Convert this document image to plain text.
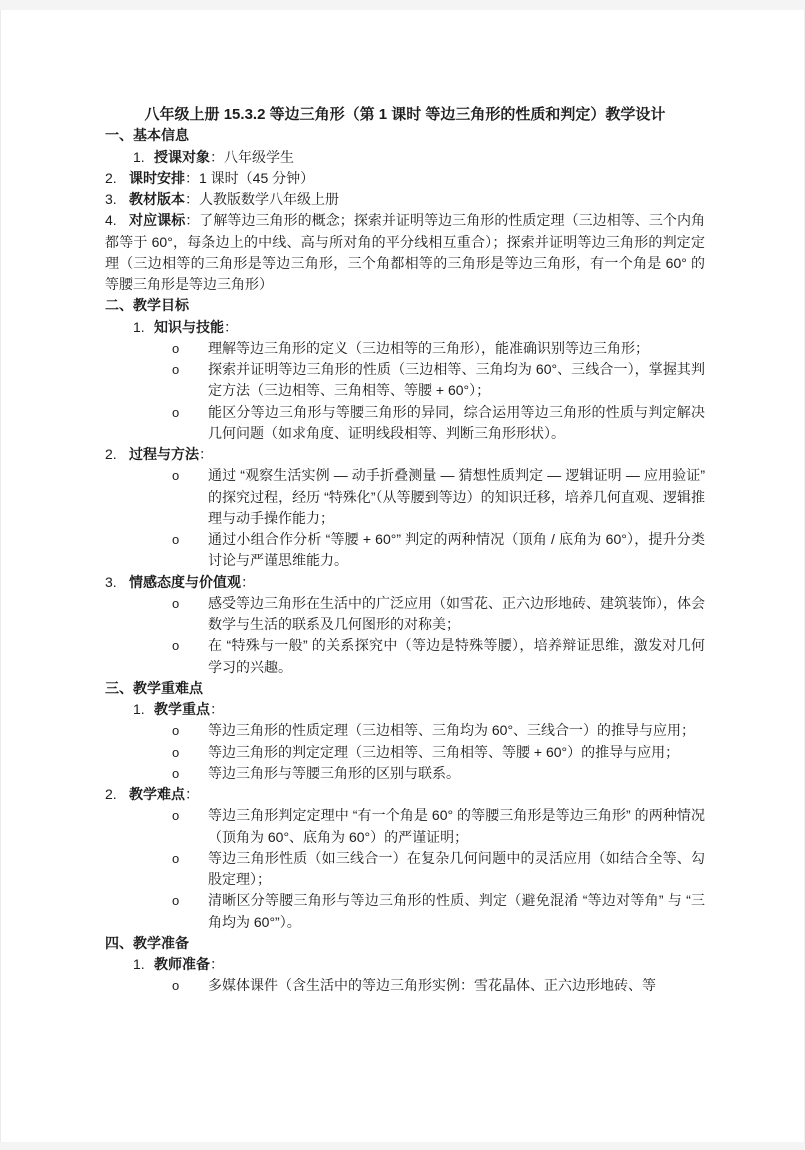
八年级上册 15.3.2 等边三角形（第 1 课时 等边三角形的性质和判定）教学设计
一、基本信息
1. 授课对象：八年级学生
2. 课时安排：1 课时（45 分钟）
3. 教材版本：人教版数学八年级上册
4. 对应课标：了解等边三角形的概念；探索并证明等边三角形的性质定理（三边相等、三个内角都等于 60°，每条边上的中线、高与所对角的平分线相互重合）；探索并证明等边三角形的判定定理（三边相等的三角形是等边三角形，三个角都相等的三角形是等边三角形，有一个角是 60° 的等腰三角形是等边三角形）
二、教学目标
1. 知识与技能：
o 理解等边三角形的定义（三边相等的三角形），能准确识别等边三角形；
o 探索并证明等边三角形的性质（三边相等、三角均为 60°、三线合一），掌握其判定方法（三边相等、三角相等、等腰 + 60°）；
o 能区分等边三角形与等腰三角形的异同，综合运用等边三角形的性质与判定解决几何问题（如求角度、证明线段相等、判断三角形形状）。
2. 过程与方法：
o 通过 “观察生活实例 — 动手折叠测量 — 猜想性质判定 — 逻辑证明 — 应用验证” 的探究过程，经历 “特殊化”（从等腰到等边）的知识迁移，培养几何直观、逻辑推理与动手操作能力；
o 通过小组合作分析 “等腰 + 60°” 判定的两种情况（顶角 / 底角为 60°），提升分类讨论与严谨思维能力。
3. 情感态度与价值观：
o 感受等边三角形在生活中的广泛应用（如雪花、正六边形地砖、建筑装饰），体会数学与生活的联系及几何图形的对称美；
o 在 “特殊与一般” 的关系探究中（等边是特殊等腰），培养辩证思维，激发对几何学习的兴趣。
三、教学重难点
1. 教学重点：
o 等边三角形的性质定理（三边相等、三角均为 60°、三线合一）的推导与应用；
o 等边三角形的判定定理（三边相等、三角相等、等腰 + 60°）的推导与应用；
o 等边三角形与等腰三角形的区别与联系。
2. 教学难点：
o 等边三角形判定定理中 “有一个角是 60° 的等腰三角形是等边三角形” 的两种情况（顶角为 60°、底角为 60°）的严谨证明；
o 等边三角形性质（如三线合一）在复杂几何问题中的灵活应用（如结合全等、勾股定理）；
o 清晰区分等腰三角形与等边三角形的性质、判定（避免混淆 “等边对等角” 与 “三角均为 60°”）。
四、教学准备
1. 教师准备：
o 多媒体课件（含生活中的等边三角形实例：雪花晶体、正六边形地砖、等
